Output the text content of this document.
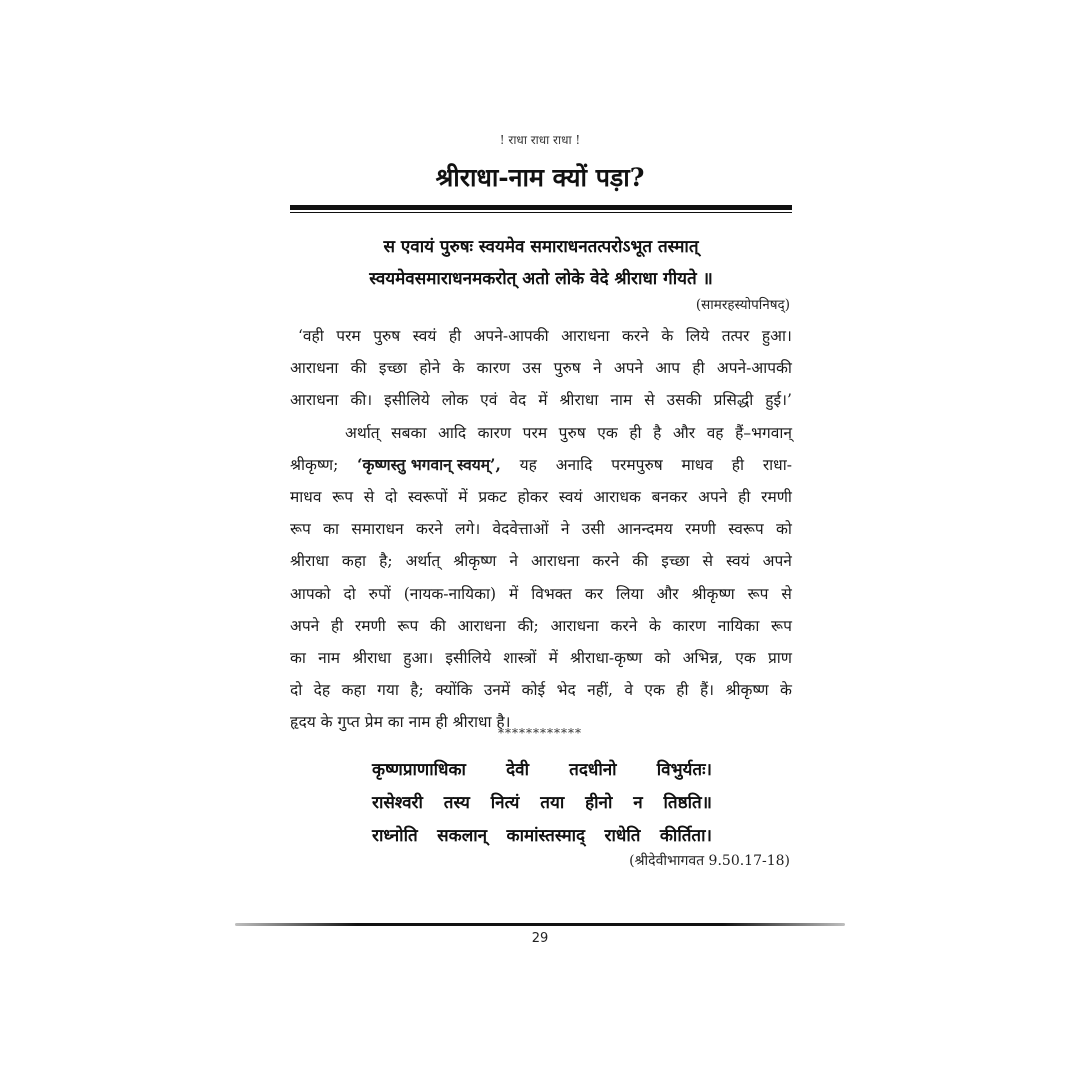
! राधा राधा राधा !
श्रीराधा-नाम क्यों पड़ा?
स एवायं पुरुषः स्वयमेव समाराधनतत्परोऽभूत तस्मात्
स्वयमेवसमाराधनमकरोत् अतो लोके वेदे श्रीराधा गीयते ॥
(सामरहस्योपनिषद्)
‘वही परम पुरुष स्वयं ही अपने-आपकी आराधना करने के लिये तत्पर हुआ।
आराधना की इच्छा होने के कारण उस पुरुष ने अपने आप ही अपने-आपकी
आराधना की। इसीलिये लोक एवं वेद में श्रीराधा नाम से उसकी प्रसिद्धी हुई।’
अर्थात् सबका आदि कारण परम पुरुष एक ही है और वह हैं–भगवान्
श्रीकृष्ण; ‘कृष्णस्तु भगवान् स्वयम्’, यह अनादि परमपुरुष माधव ही राधा-
माधव रूप से दो स्वरूपों में प्रकट होकर स्वयं आराधक बनकर अपने ही रमणी
रूप का समाराधन करने लगे। वेदवेत्ताओं ने उसी आनन्दमय रमणी स्वरूप को
श्रीराधा कहा है; अर्थात् श्रीकृष्ण ने आराधना करने की इच्छा से स्वयं अपने
आपको दो रुपों (नायक-नायिका) में विभक्त कर लिया और श्रीकृष्ण रूप से
अपने ही रमणी रूप की आराधना की; आराधना करने के कारण नायिका रूप
का नाम श्रीराधा हुआ। इसीलिये शास्त्रों में श्रीराधा-कृष्ण को अभिन्न, एक प्राण
दो देह कहा गया है; क्योंकि उनमें कोई भेद नहीं, वे एक ही हैं। श्रीकृष्ण के
हृदय के गुप्त प्रेम का नाम ही श्रीराधा है।
************
कृष्णप्राणाधिका देवी तदधीनो विभुर्यतः।
रासेश्वरी तस्य नित्यं तया हीनो न तिष्ठति॥
राध्नोति सकलान् कामांस्तस्माद् राधेति कीर्तिता।
(श्रीदेवीभागवत 9.50.17-18)
29
